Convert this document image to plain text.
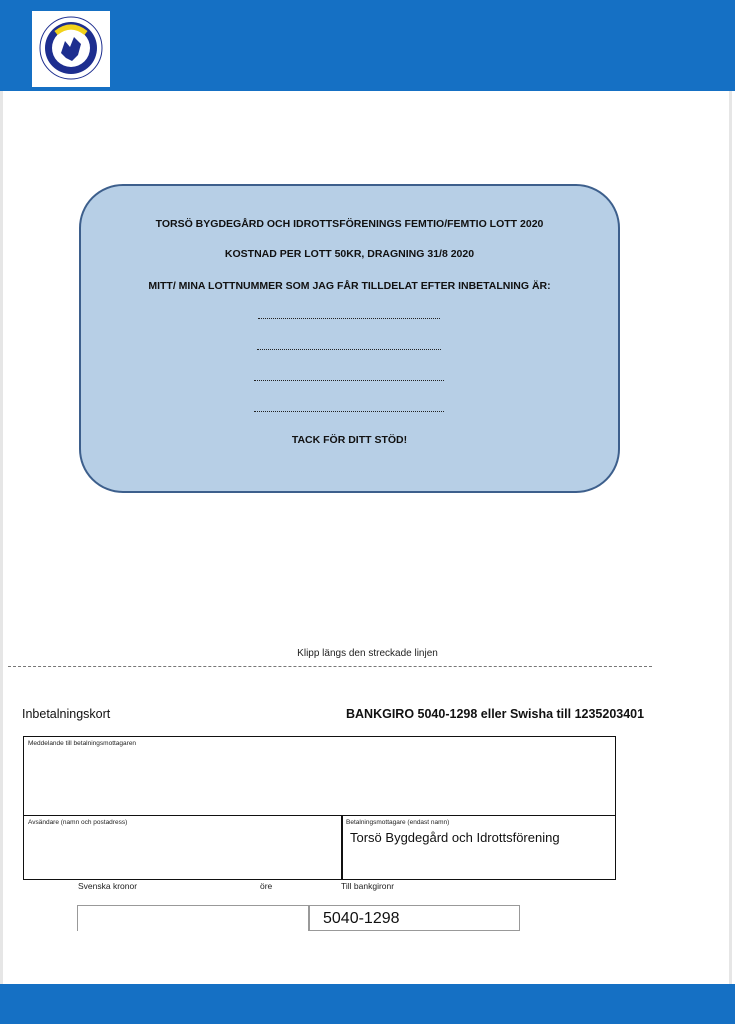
TORSÖ BYGDEGÅRD OCH IDROTTSFÖRENINGS FEMTIO/FEMTIO LOTT 2020
KOSTNAD PER LOTT 50KR, DRAGNING 31/8 2020
MITT/ MINA LOTTNUMMER SOM JAG FÅR TILLDELAT EFTER INBETALNING ÄR:
TACK FÖR DITT STÖD!
Klipp längs den streckade linjen
Inbetalningskort	BANKGIRO 5040-1298 eller Swisha till 1235203401
Meddelande till betalningsmottagaren
Avsändare (namn och postadress)	Betalningsmottagare (endast namn)
Torsö Bygdegård och Idrottsförening
Svenska kronor	öre	Till bankgironr
5040-1298
